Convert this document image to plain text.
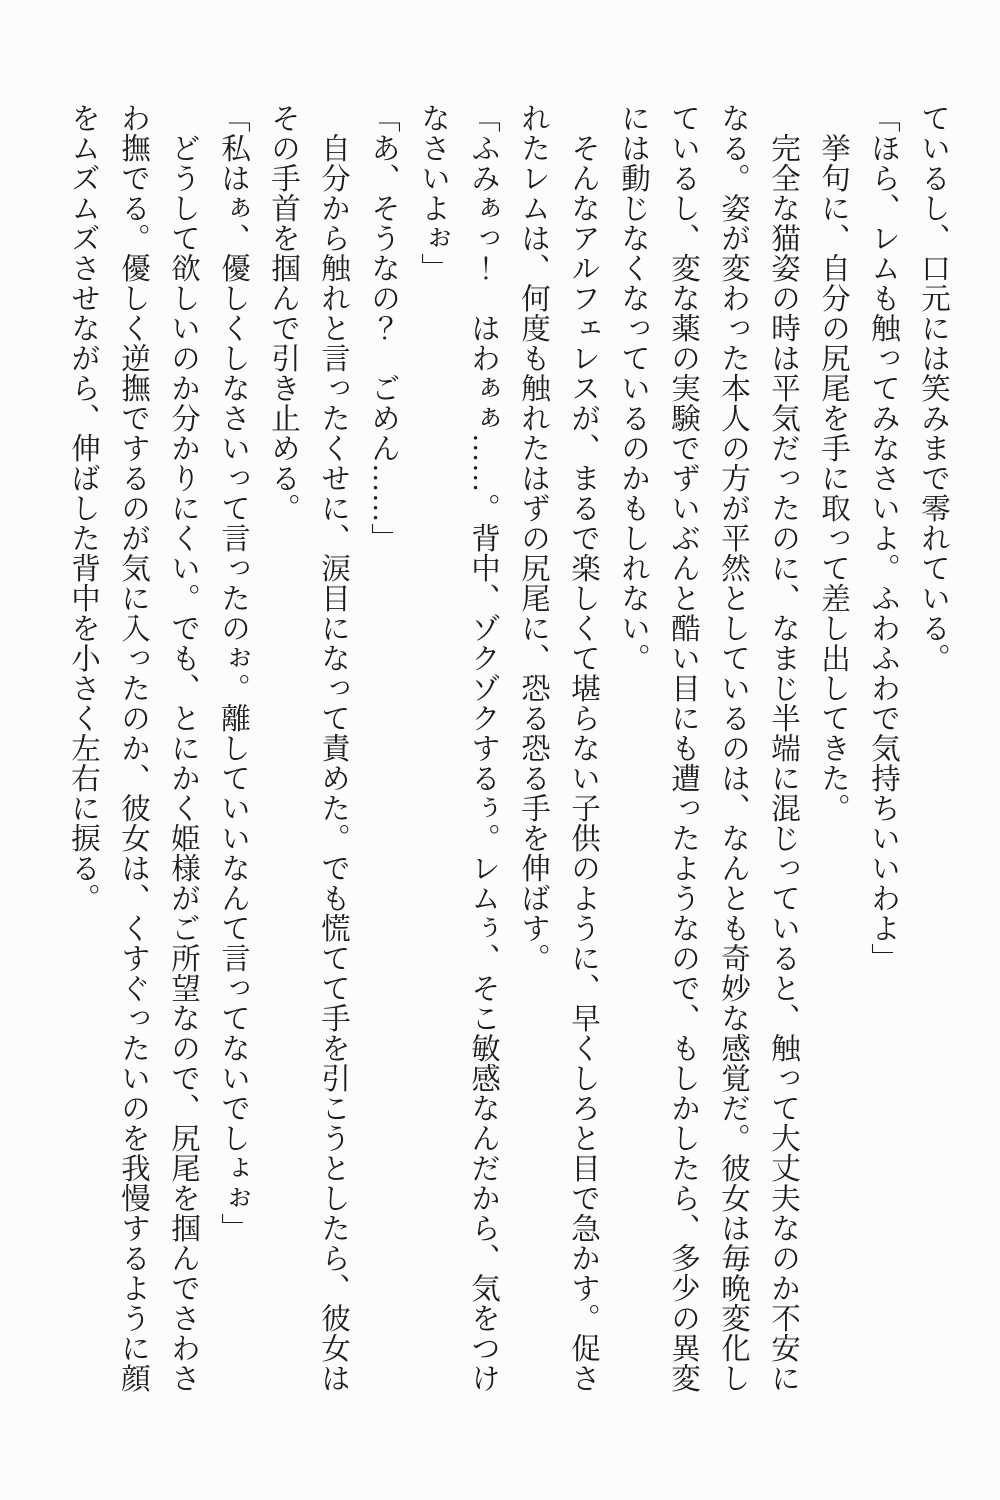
ているし、口元には笑みまで零れている。

「ほら、レムも触ってみなさいよ。ふわふわで気持ちいいわよ」

　挙句に、自分の尻尾を手に取って差し出してきた。

　完全な猫姿の時は平気だったのに、なまじ半端に混じっていると、触って大丈夫なのか不安に

なる。姿が変わった本人の方が平然としているのは、なんとも奇妙な感覚だ。彼女は毎晩変化し

ているし、変な薬の実験でずいぶんと酷い目にも遭ったようなので、もしかしたら、多少の異変

には動じなくなっているのかもしれない。

　そんなアルフェレスが、まるで楽しくて堪らない子供のように、早くしろと目で急かす。促さ

れたレムは、何度も触れたはずの尻尾に、恐る恐る手を伸ばす。

「ふみぁっ！　はわぁぁ……。背中、ゾクゾクするぅ。レムぅ、そこ敏感なんだから、気をつけ

なさいよぉ」

「あ、そうなの？　ごめん……」

　自分から触れと言ったくせに、涙目になって責めた。でも慌てて手を引こうとしたら、彼女は

その手首を掴んで引き止める。

「私はぁ、優しくしなさいって言ったのぉ。離していいなんて言ってないでしょぉ」

　どうして欲しいのか分かりにくい。でも、とにかく姫様がご所望なので、尻尾を掴んでさわさ

わ撫でる。優しく逆撫でするのが気に入ったのか、彼女は、くすぐったいのを我慢するように顔

をムズムズさせながら、伸ばした背中を小さく左右に捩る。
